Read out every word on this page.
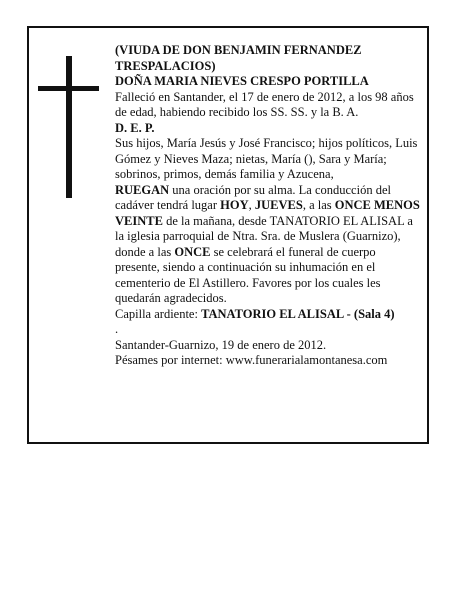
(VIUDA DE DON BENJAMIN FERNANDEZ TRESPALACIOS)

DOÑA MARIA NIEVES CRESPO PORTILLA

Falleció en Santander, el 17 de enero de 2012, a los 98 años de edad, habiendo recibido los SS. SS. y la B. A.

D. E. P.

Sus hijos, María Jesús y José Francisco; hijos políticos, Luis Gómez y Nieves Maza; nietas, María (), Sara y María; sobrinos, primos, demás familia y Azucena,
RUEGAN una oración por su alma. La conducción del cadáver tendrá lugar HOY, JUEVES, a las ONCE MENOS VEINTE de la mañana, desde TANATORIO EL ALISAL a la iglesia parroquial de Ntra. Sra. de Muslera (Guarnizo), donde a las ONCE se celebrará el funeral de cuerpo presente, siendo a continuación su inhumación en el cementerio de El Astillero. Favores por los cuales les quedarán agradecidos.

Capilla ardiente: TANATORIO EL ALISAL - (Sala 4)

.

Santander-Guarnizo, 19 de enero de 2012.

Pésames por internet: www.funerarialamontanesa.com
